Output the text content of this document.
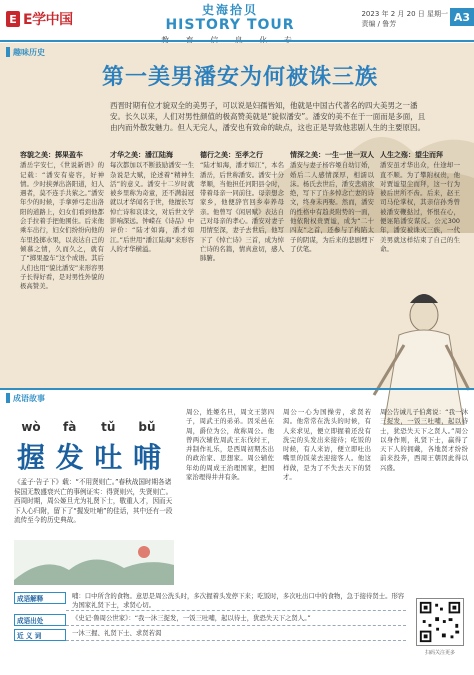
E E学中国
史海拾贝
HISTORY TOUR
2023 年 2 月 20 日 星期一
责编 / 鲁芳
A3
趣味历史
第一美男潘安为何被诛三族
西晋时期有位才貌双全的美男子，可以说是妇孺皆知，他就是中国古代著名的四大美男之一潘安。长久以来，人们对男性颜值的极高赞美就是“貌似潘安”。潘安的美不在于一面而是多面，且由内而外散发魅力。但人无完人，潘安也有致命的缺点，这也正是导致他悲剧人生的主要原因。
容貌之美：掷果盈车

潘岳字安仁，《世说新语》的记载：“潘安有姿容，好神情。少时挟弹出洛阳道，妇人遇者，莫不连手共萦之。”潘安年少的时候，手拿弹弓走出洛阳的道路上，妇女们看到他都会手拉着手把他围住。后来他乘车出行，妇女们纷纷向他的车里投掷水果，以表达自己的倾慕之情，久而久之，就有了“掷果盈车”这个成语。其后人们也用“貌比潘安”来形容男子长得好看，是对男性外貌的极高赞美。

才华之美：潘江陆海

每次都加以不断鼓励潘安一生杂说是大赋，论述着“精神生活”的意义。潘安十二岁时就被乡里称为奇童，还不满弱冠就以才华闻名于世，他擅长写悼亡诗和哀诔文，对后世文学影响深远。钟嵘在《诗品》中评价：“陆才如海，潘才如江。”后世用“潘江陆海”来形容人的才华横溢。

德行之美：至孝之行

“陆才如海，潘才如江”，本名潘岳，后世称潘安。潘安十分孝顺，当他担任河阳县令时，带着母亲一同前往。母亲想念家乡，他便辞官回乡奉养母亲。他曾写《闲居赋》表达自己对母亲的孝心。潘安对妻子用情至深，妻子去世后，他写下了《悼亡诗》三首，成为悼亡诗的名篇，情真意切，感人肺腑。

情深之美：一生一世一双人

潘安与妻子杨容姬自幼订婚，婚后二人感情深厚，相濡以沫。杨氏去世后，潘安悲痛欲绝，写下了许多悼念亡妻的诗文，终身未再娶。然而，潘安的性格中有趋炎附势的一面，他依附权贵贾谧，成为“二十四友”之首，还参与了构陷太子的阴谋，为后来的悲剧埋下了伏笔。

人生之殇：望尘而拜

潘安虽才华出众，仕途却一直不顺。为了攀附权贵，他对贾谧望尘而拜，这一行为被后世所不齿。后来，赵王司马伦掌权，其亲信孙秀曾被潘安鞭挞过，怀恨在心，便诬陷潘安谋反。公元300年，潘安被诛灭三族，一代美男就这样结束了自己的生命。

成语故事
wò	fà	tǔ	bǔ
握 发 吐 哺
《孟子·告子下》载：“不用贤则亡。”春秋战国时期各诸侯国无数盛衰兴亡的事例证实：得贤则兴，失贤则亡。西周时期，周公姬旦尤为礼贤下士，敬重人才，因而天下人心归附，留下了“握发吐哺”的佳话，其中还有一段流传至今的历史典故。

周公，姓姬名旦，周文王第四子，周武王的弟弟。因采邑在周，爵位为公，故称周公。他曾两次辅佐周武王东伐纣王，并制作礼乐，是西周初期杰出的政治家、思想家。周公辅佐年幼的周成王治理国家，把国家治理得井井有条。

周公一心为国操劳，求贤若渴。他常常在洗头的时候，有人来求见，便立即握着还没有洗完的头发出来接待；吃饭的时候，有人来访，便立即吐出嘴里的饭菜去迎接客人。他这样做，是为了不失去天下的贤才。

周公告诫儿子伯禽说：“我一沐三捉发，一饭三吐哺，起以待士，犹恐失天下之贤人。”周公以身作则，礼贤下士，赢得了天下人的拥戴，各地贤才纷纷前来投奔，西周王朝因此得以兴盛。

成语解释	哺：口中所含的食物。意思是周公洗头时，多次握着头发停下来；吃饭时，多次吐出口中的食物，急于接待贤士。形容为国家礼贤下士，求贤心切。
成语出处	《史记·鲁周公世家》：“我一沐三捉发，一饭三吐哺，起以待士，犹恐失天下之贤人。”
近 义 词	一沐三握、礼贤下士、求贤若渴
扫码关注更多
